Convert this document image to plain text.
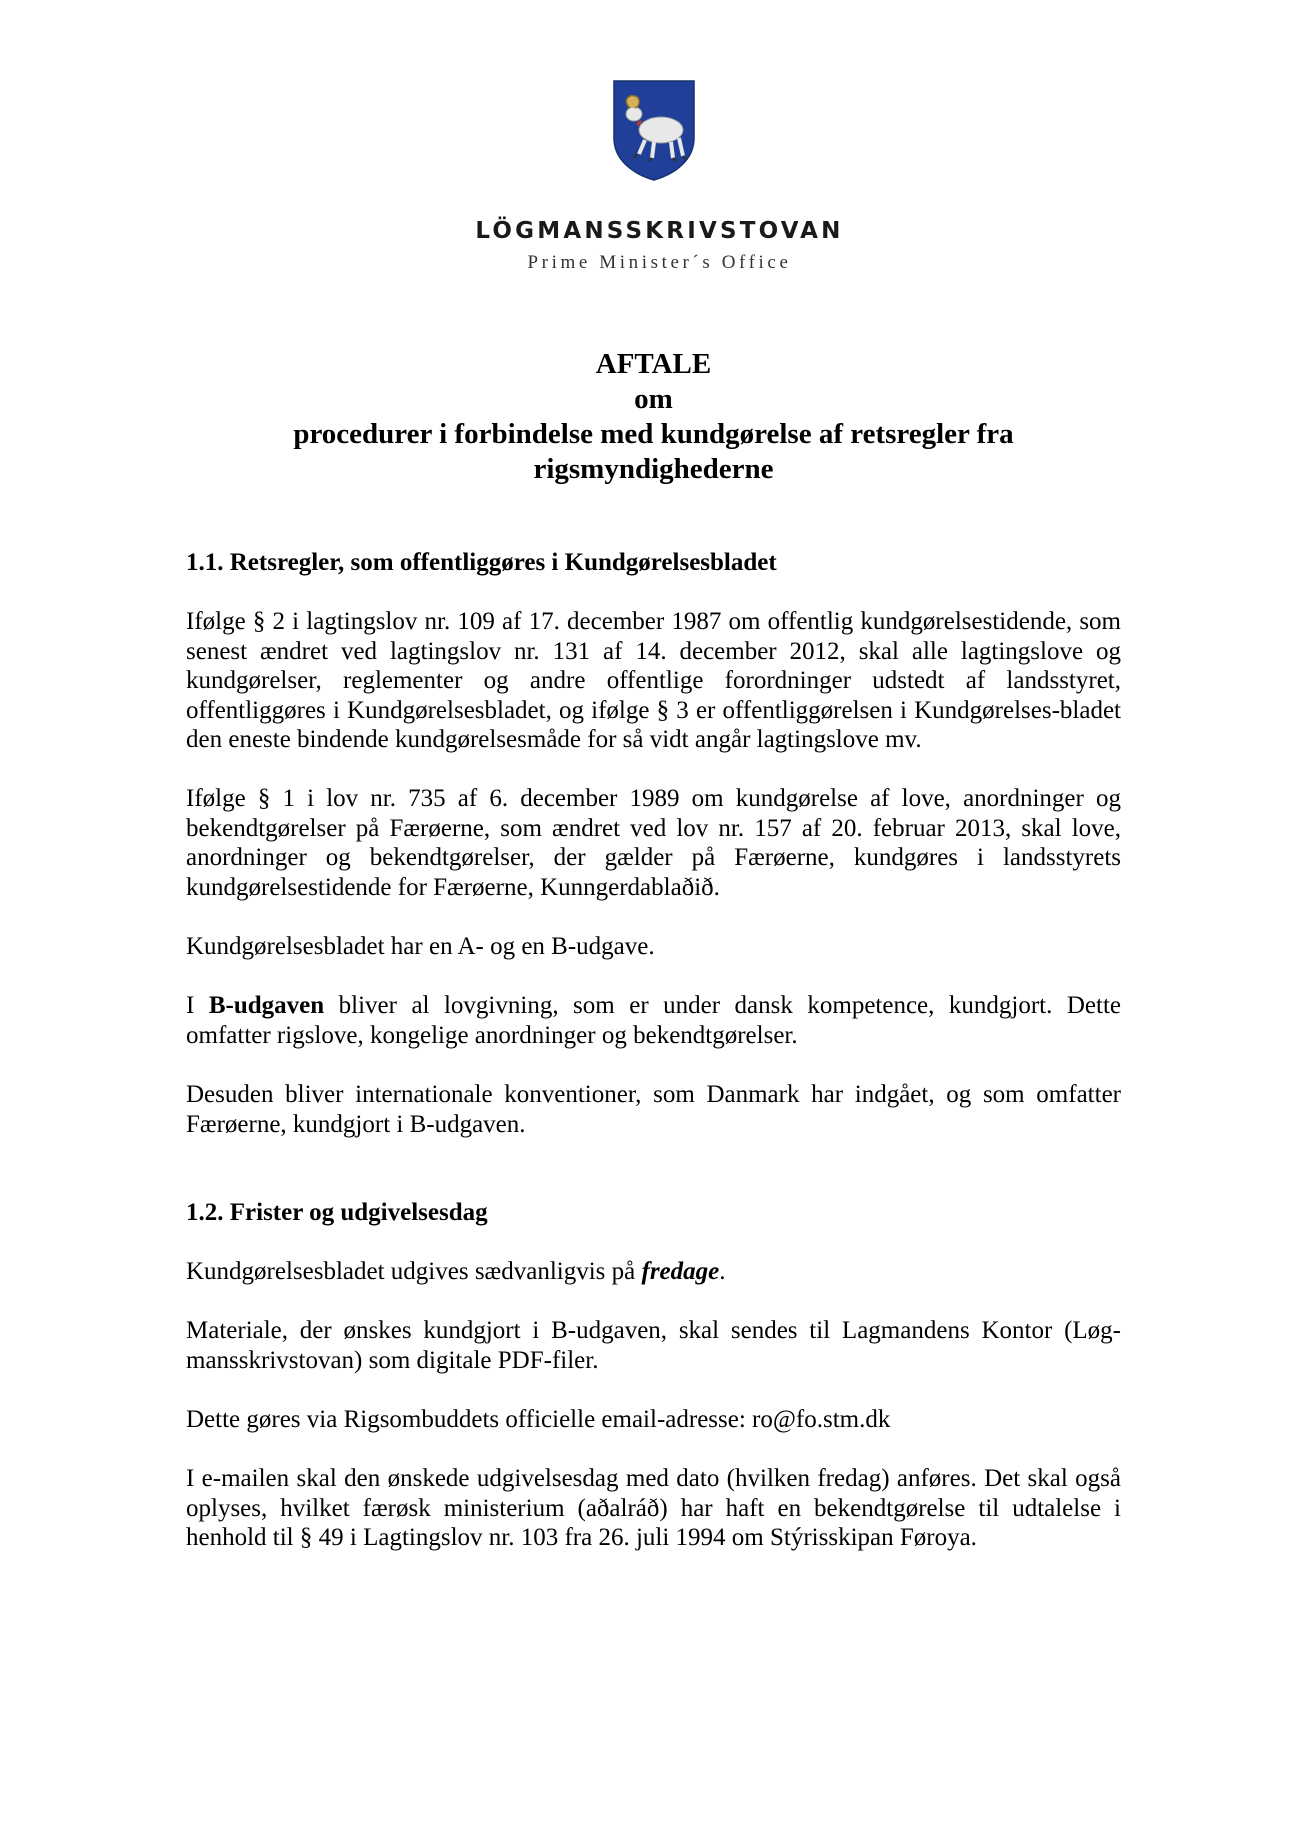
LÖGMANSSKRIVSTOVAN
Prime Minister´s Office
AFTALE
om
procedurer i forbindelse med kundgørelse af retsregler fra
rigsmyndighederne
1.1. Retsregler, som offentliggøres i Kundgørelsesbladet
Ifølge § 2 i lagtingslov nr. 109 af 17. december 1987 om offentlig kundgørelsestidende, som senest ændret ved lagtingslov nr. 131 af 14. december 2012, skal alle lagtingslove og kundgørelser, reglementer og andre offentlige forordninger udstedt af landsstyret, offentliggøres i Kundgørelsesbladet, og ifølge § 3 er offentliggørelsen i Kundgørelses-bladet den eneste bindende kundgørelsesmåde for så vidt angår lagtingslove mv.
Ifølge § 1 i lov nr. 735 af 6. december 1989 om kundgørelse af love, anordninger og bekendtgørelser på Færøerne, som ændret ved lov nr. 157 af 20. februar 2013, skal love, anordninger og bekendtgørelser, der gælder på Færøerne, kundgøres i landsstyrets kundgørelsestidende for Færøerne, Kunngerdablaðið.
Kundgørelsesbladet har en A- og en B-udgave.
I B-udgaven bliver al lovgivning, som er under dansk kompetence, kundgjort. Dette omfatter rigslove, kongelige anordninger og bekendtgørelser.
Desuden bliver internationale konventioner, som Danmark har indgået, og som omfatter Færøerne, kundgjort i B-udgaven.
1.2. Frister og udgivelsesdag
Kundgørelsesbladet udgives sædvanligvis på fredage.
Materiale, der ønskes kundgjort i B-udgaven, skal sendes til Lagmandens Kontor (Løg-mansskrivstovan) som digitale PDF-filer.
Dette gøres via Rigsombuddets officielle email-adresse: ro@fo.stm.dk
I e-mailen skal den ønskede udgivelsesdag med dato (hvilken fredag) anføres. Det skal også oplyses, hvilket færøsk ministerium (aðalráð) har haft en bekendtgørelse til udtalelse i henhold til § 49 i Lagtingslov nr. 103 fra 26. juli 1994 om Stýrisskipan Føroya.
